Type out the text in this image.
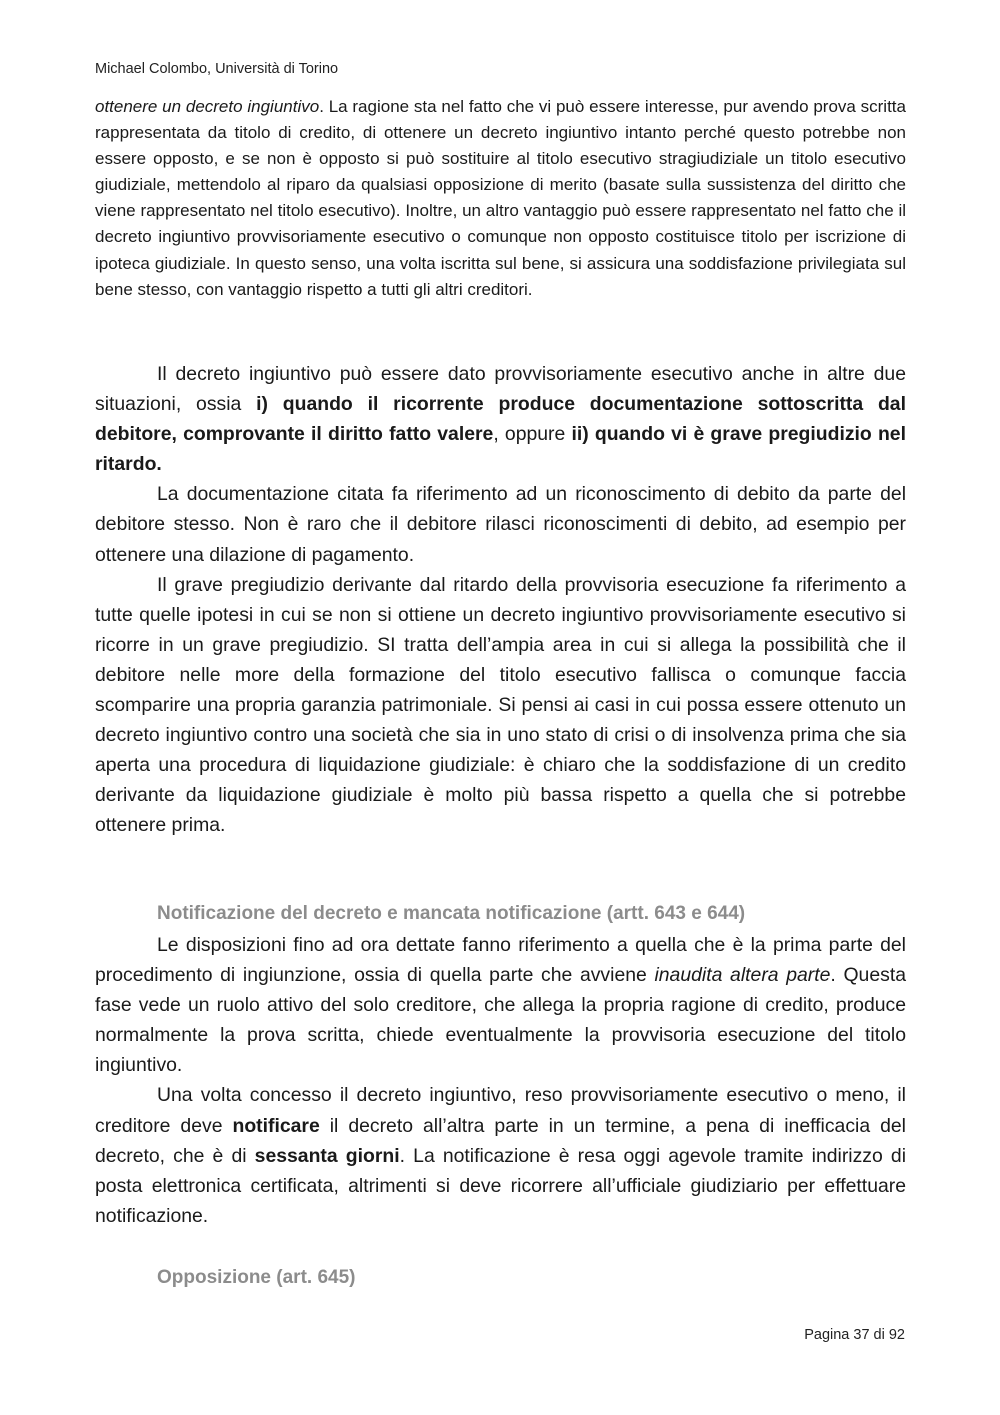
Michael Colombo, Università di Torino

ottenere un decreto ingiuntivo. La ragione sta nel fatto che vi può essere interesse, pur avendo prova scritta rappresentata da titolo di credito, di ottenere un decreto ingiuntivo intanto perché questo potrebbe non essere opposto, e se non è opposto si può sostituire al titolo esecutivo stragiudiziale un titolo esecutivo giudiziale, mettendolo al riparo da qualsiasi opposizione di merito (basate sulla sussistenza del diritto che viene rappresentato nel titolo esecutivo). Inoltre, un altro vantaggio può essere rappresentato nel fatto che il decreto ingiuntivo provvisoriamente esecutivo o comunque non opposto costituisce titolo per iscrizione di ipoteca giudiziale. In questo senso, una volta iscritta sul bene, si assicura una soddisfazione privilegiata sul bene stesso, con vantaggio rispetto a tutti gli altri creditori.

Il decreto ingiuntivo può essere dato provvisoriamente esecutivo anche in altre due situazioni, ossia i) quando il ricorrente produce documentazione sottoscritta dal debitore, comprovante il diritto fatto valere, oppure ii) quando vi è grave pregiudizio nel ritardo.

La documentazione citata fa riferimento ad un riconoscimento di debito da parte del debitore stesso. Non è raro che il debitore rilasci riconoscimenti di debito, ad esempio per ottenere una dilazione di pagamento.

Il grave pregiudizio derivante dal ritardo della provvisoria esecuzione fa riferimento a tutte quelle ipotesi in cui se non si ottiene un decreto ingiuntivo provvisoriamente esecutivo si ricorre in un grave pregiudizio. SI tratta dell’ampia area in cui si allega la possibilità che il debitore nelle more della formazione del titolo esecutivo fallisca o comunque faccia scomparire una propria garanzia patrimoniale. Si pensi ai casi in cui possa essere ottenuto un decreto ingiuntivo contro una società che sia in uno stato di crisi o di insolvenza prima che sia aperta una procedura di liquidazione giudiziale: è chiaro che la soddisfazione di un credito derivante da liquidazione giudiziale è molto più bassa rispetto a quella che si potrebbe ottenere prima.

Notificazione del decreto e mancata notificazione (artt. 643 e 644)

Le disposizioni fino ad ora dettate fanno riferimento a quella che è la prima parte del procedimento di ingiunzione, ossia di quella parte che avviene inaudita altera parte. Questa fase vede un ruolo attivo del solo creditore, che allega la propria ragione di credito, produce normalmente la prova scritta, chiede eventualmente la provvisoria esecuzione del titolo ingiuntivo.

Una volta concesso il decreto ingiuntivo, reso provvisoriamente esecutivo o meno, il creditore deve notificare il decreto all’altra parte in un termine, a pena di inefficacia del decreto, che è di sessanta giorni. La notificazione è resa oggi agevole tramite indirizzo di posta elettronica certificata, altrimenti si deve ricorrere all’ufficiale giudiziario per effettuare notificazione.

Opposizione (art. 645)
Pagina 37 di 92
